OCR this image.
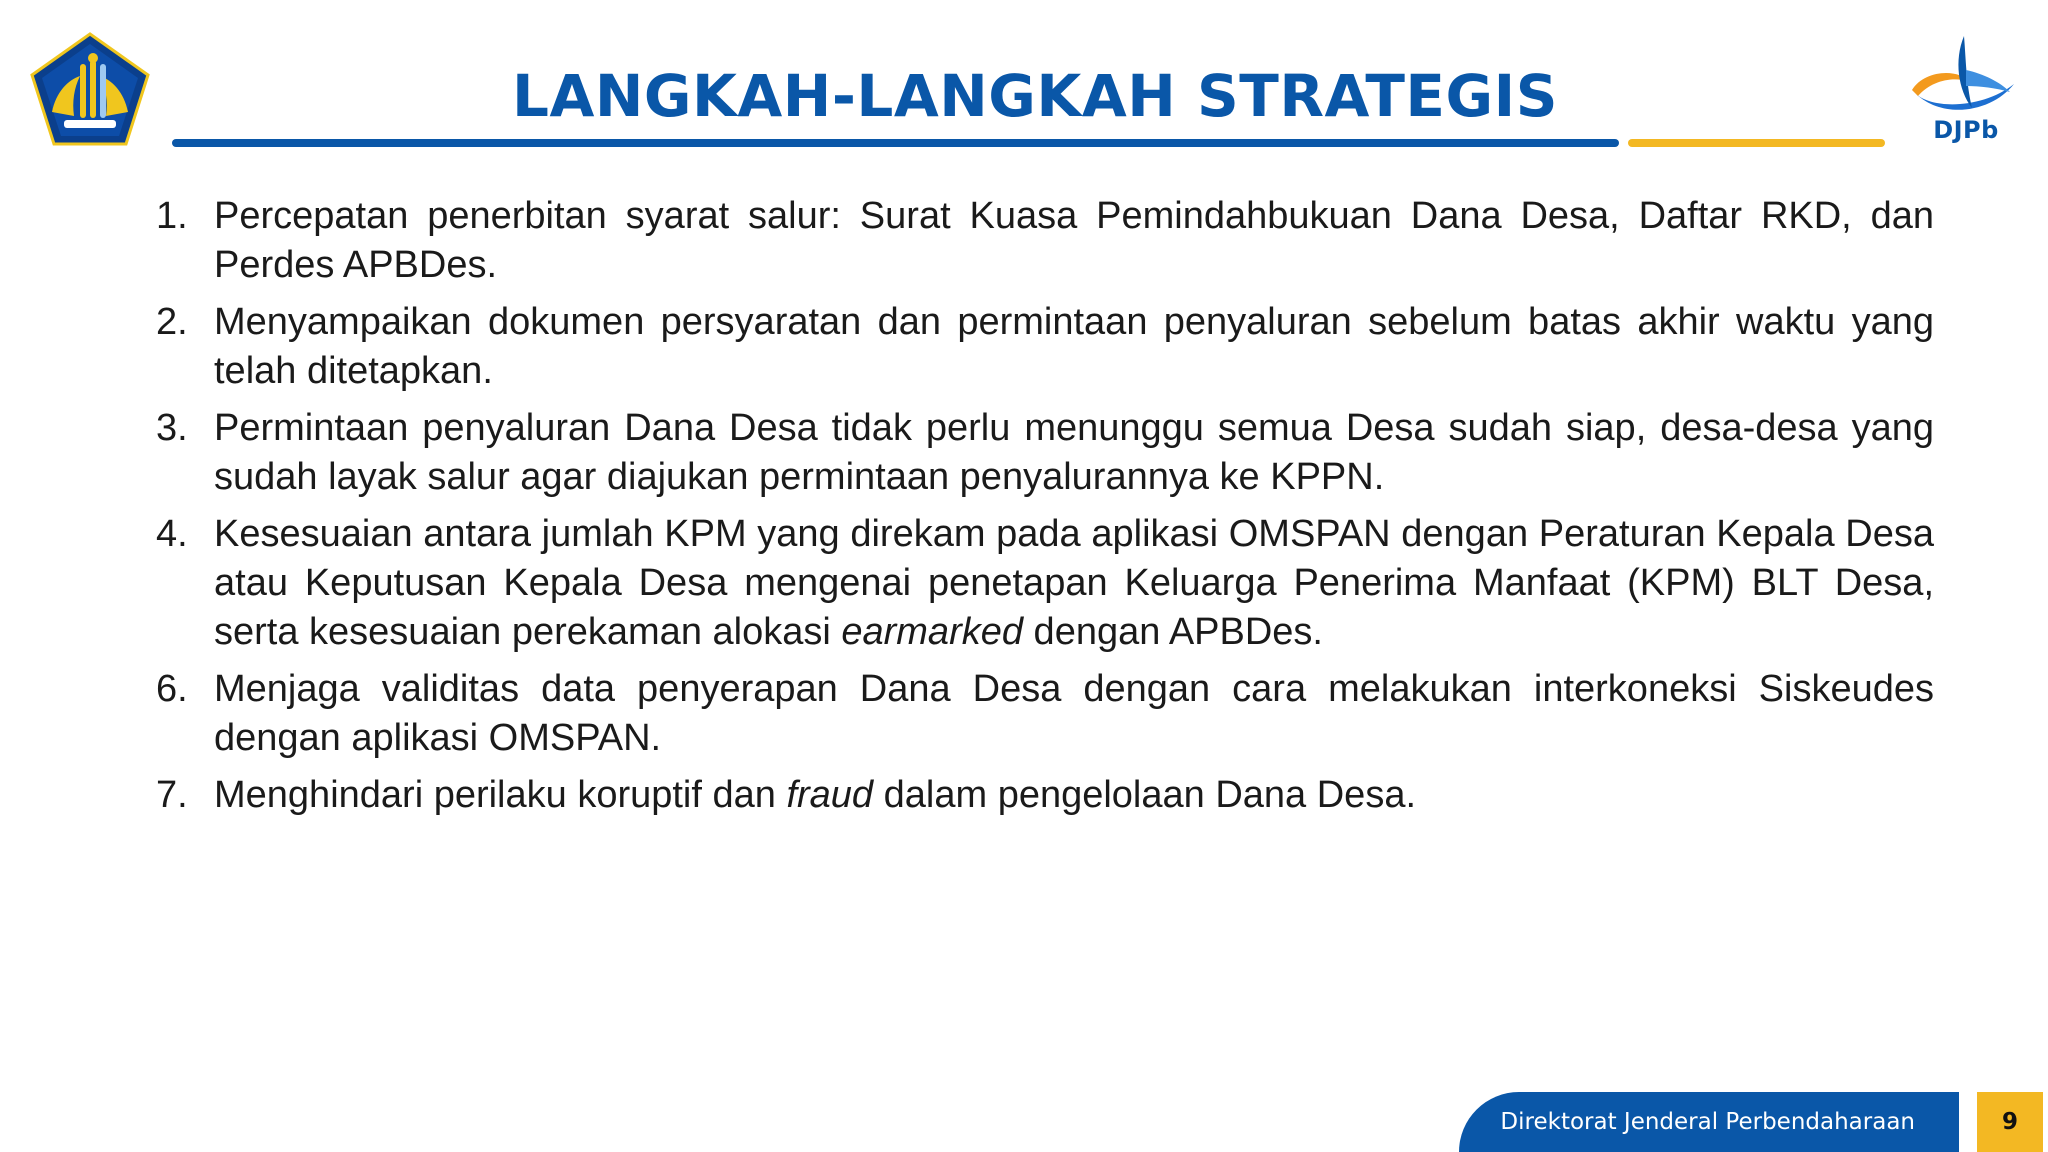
DJPb
LANGKAH-LANGKAH STRATEGIS
1. Percepatan penerbitan syarat salur: Surat Kuasa Pemindahbukuan Dana Desa, Daftar RKD, dan Perdes APBDes.
2. Menyampaikan dokumen persyaratan dan permintaan penyaluran sebelum batas akhir waktu yang telah ditetapkan.
3. Permintaan penyaluran Dana Desa tidak perlu menunggu semua Desa sudah siap, desa-desa yang sudah layak salur agar diajukan permintaan penyalurannya ke KPPN.
4. Kesesuaian antara jumlah KPM yang direkam pada aplikasi OMSPAN dengan Peraturan Kepala Desa atau Keputusan Kepala Desa mengenai penetapan Keluarga Penerima Manfaat (KPM) BLT Desa, serta kesesuaian perekaman alokasi earmarked dengan APBDes.
6. Menjaga validitas data penyerapan Dana Desa dengan cara melakukan interkoneksi Siskeudes dengan aplikasi OMSPAN.
7. Menghindari perilaku koruptif dan fraud dalam pengelolaan Dana Desa.
Direktorat Jenderal Perbendaharaan	9
